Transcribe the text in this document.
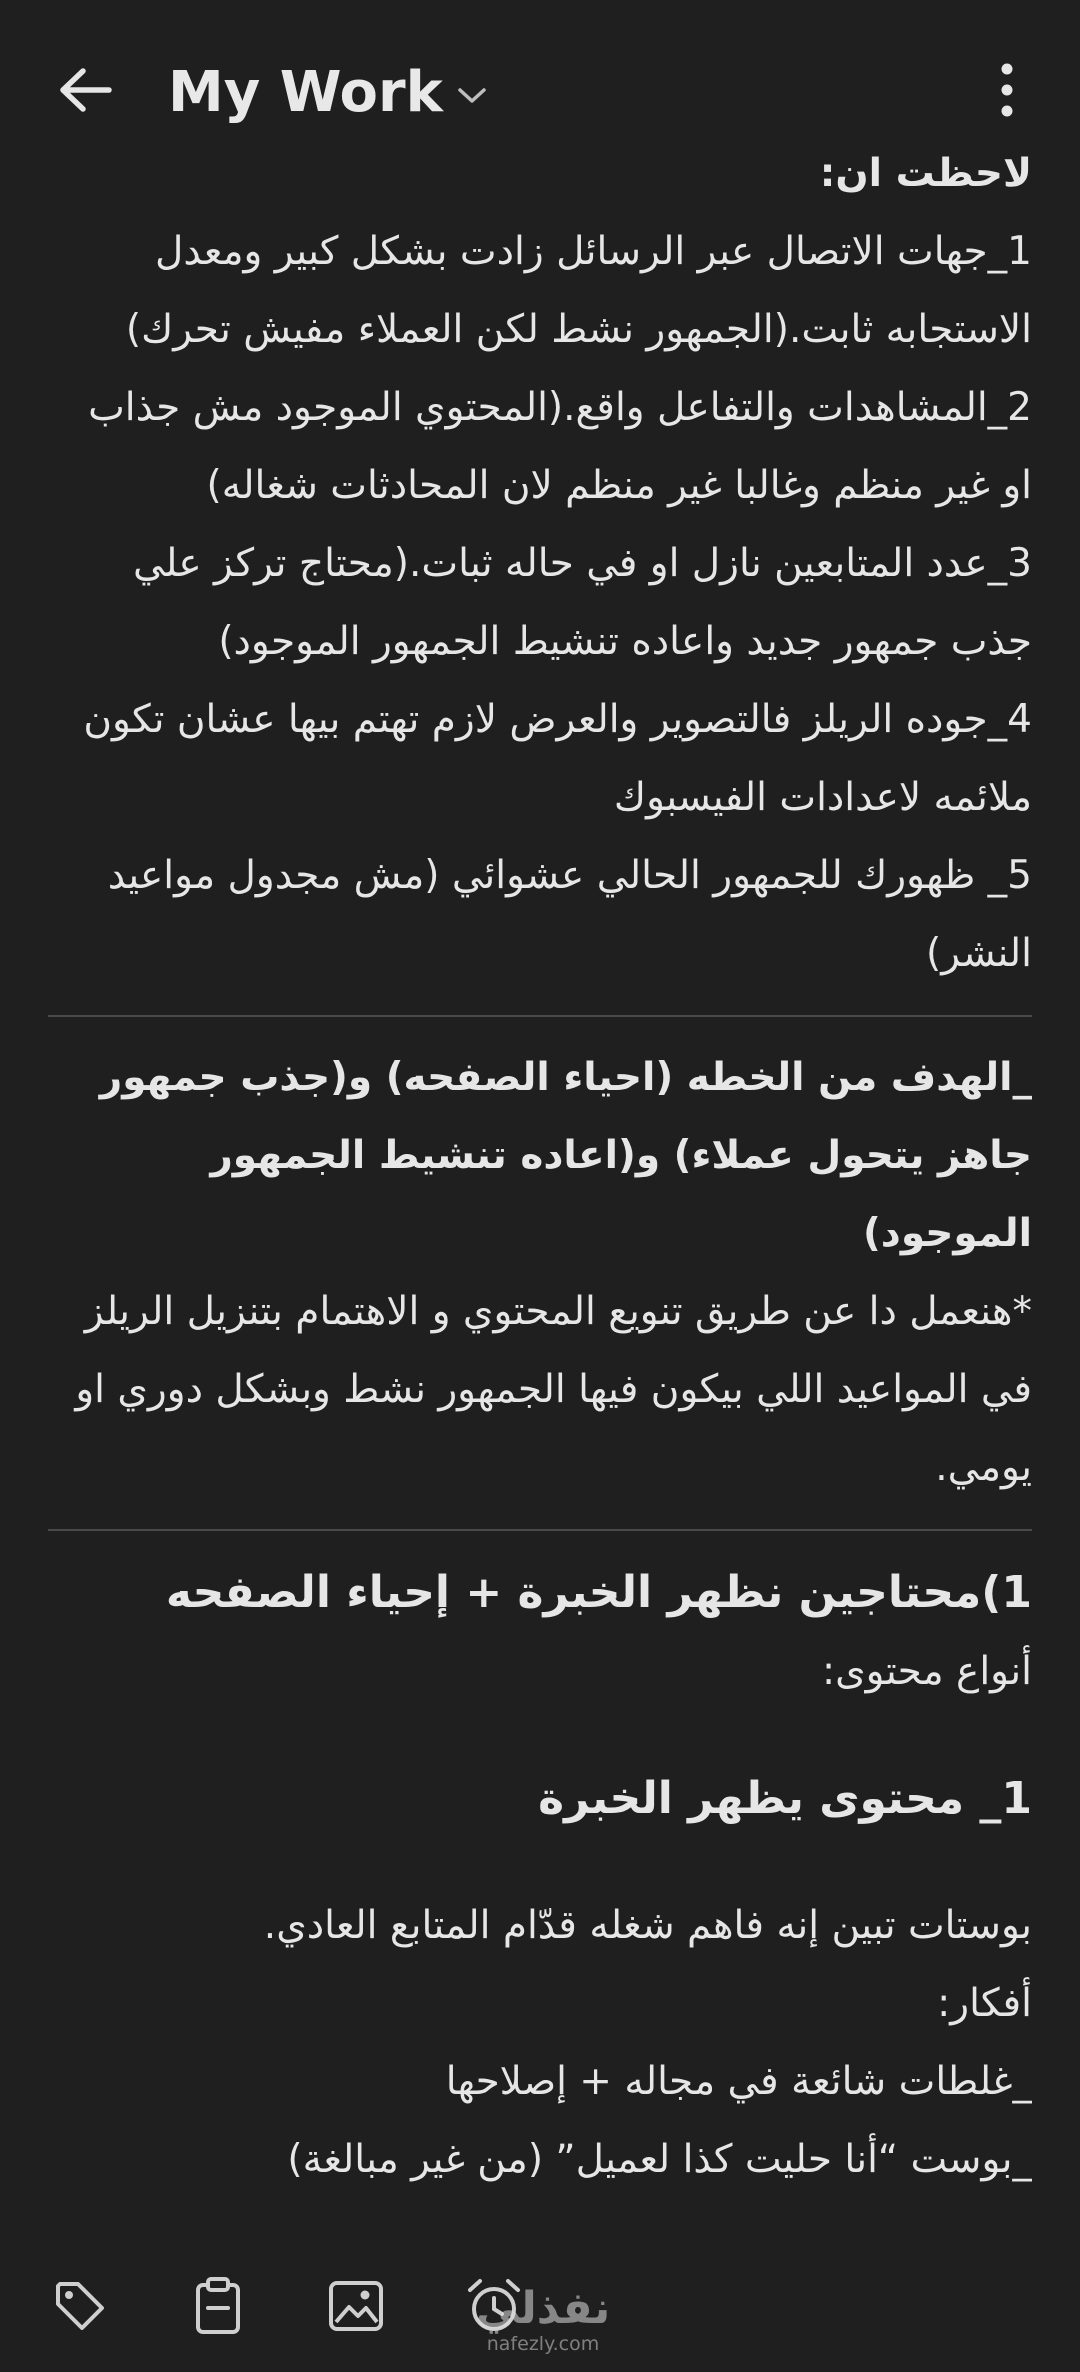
My Work

لاحظت ان:

1_جهات الاتصال عبر الرسائل زادت بشكل كبير ومعدل الاستجابه ثابت.(الجمهور نشط لكن العملاء مفيش تحرك)

2_المشاهدات والتفاعل واقع.(المحتوي الموجود مش جذاب او غير منظم وغالبا غير منظم لان المحادثات شغاله)

3_عدد المتابعين نازل او في حاله ثبات.(محتاج تركز علي جذب جمهور جديد واعاده تنشيط الجمهور الموجود)

4_جوده الريلز فالتصوير والعرض لازم تهتم بيها عشان تكون ملائمه لاعدادات الفيسبوك

5_ ظهورك للجمهور الحالي عشوائي (مش مجدول مواعيد النشر)

_الهدف من الخطه (احياء الصفحه) و(جذب جمهور جاهز يتحول عملاء) و(اعاده تنشيط الجمهور الموجود)

*هنعمل دا عن طريق تنويع المحتوي و الاهتمام بتنزيل الريلز في المواعيد اللي بيكون فيها الجمهور نشط وبشكل دوري او يومي.

1)محتاجين نظهر الخبرة + إحياء الصفحه

أنواع محتوى:

1_ محتوى يظهر الخبرة

بوستات تبين إنه فاهم شغله قدّام المتابع العادي.

أفكار:

_غلطات شائعة في مجاله + إصلاحها

_بوست “أنا حليت كذا لعميل” (من غير مبالغة)

نفذلي
nafezly.com
